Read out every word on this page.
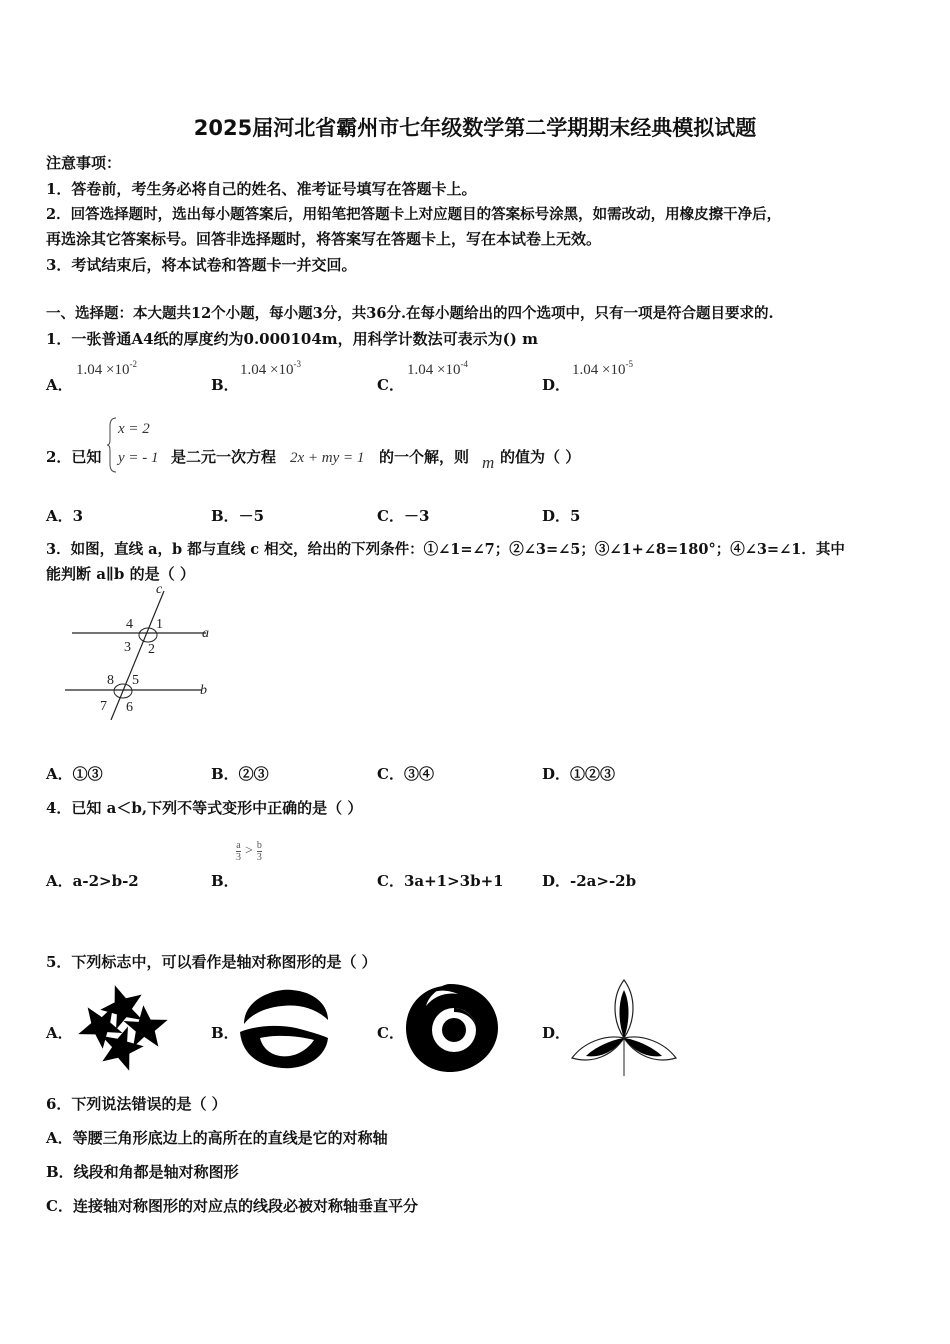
2025届河北省霸州市七年级数学第二学期期末经典模拟试题
注意事项：
1．答卷前，考生务必将自己的姓名、准考证号填写在答题卡上。
2．回答选择题时，选出每小题答案后，用铅笔把答题卡上对应题目的答案标号涂黑，如需改动，用橡皮擦干净后，
再选涂其它答案标号。回答非选择题时，将答案写在答题卡上，写在本试卷上无效。
3．考试结束后，将本试卷和答题卡一并交回。
一、选择题：本大题共12个小题，每小题3分，共36分.在每小题给出的四个选项中，只有一项是符合题目要求的.
1．一张普通A4纸的厚度约为0.000104m，用科学计数法可表示为() m
A．
$1.04 \times 10^{-2}$
B．
$1.04 \times 10^{-3}$
C．
$1.04 \times 10^{-4}$
D．
$1.04 \times 10^{-5}$
2．已知
x = 2
y = - 1 是二元一次方程 2x + my = 1 的一个解，则 m 的值为（ ）
A．3	B．－5	C．－3	D．5
3．如图，直线 a，b 都与直线 c 相交，给出的下列条件：①∠1=∠7；②∠3=∠5；③∠1+∠8=180°；④∠3=∠1．其中
能判断 a∥b 的是（ ）
c
a
b
4 1
3 2
8 5
7 6
A．①③	B．②③	C．③④	D．①②③
4．已知 a＜b,下列不等式变形中正确的是（ ）
A．a-2>b-2	B．
$\frac{a}{3} > \frac{b}{3}$
C．3a+1>3b+1	D．-2a>-2b
5．下列标志中，可以看作是轴对称图形的是（ ）
A．	B．	C．	D．
6．下列说法错误的是（ ）
A．等腰三角形底边上的高所在的直线是它的对称轴
B．线段和角都是轴对称图形
C．连接轴对称图形的对应点的线段必被对称轴垂直平分
